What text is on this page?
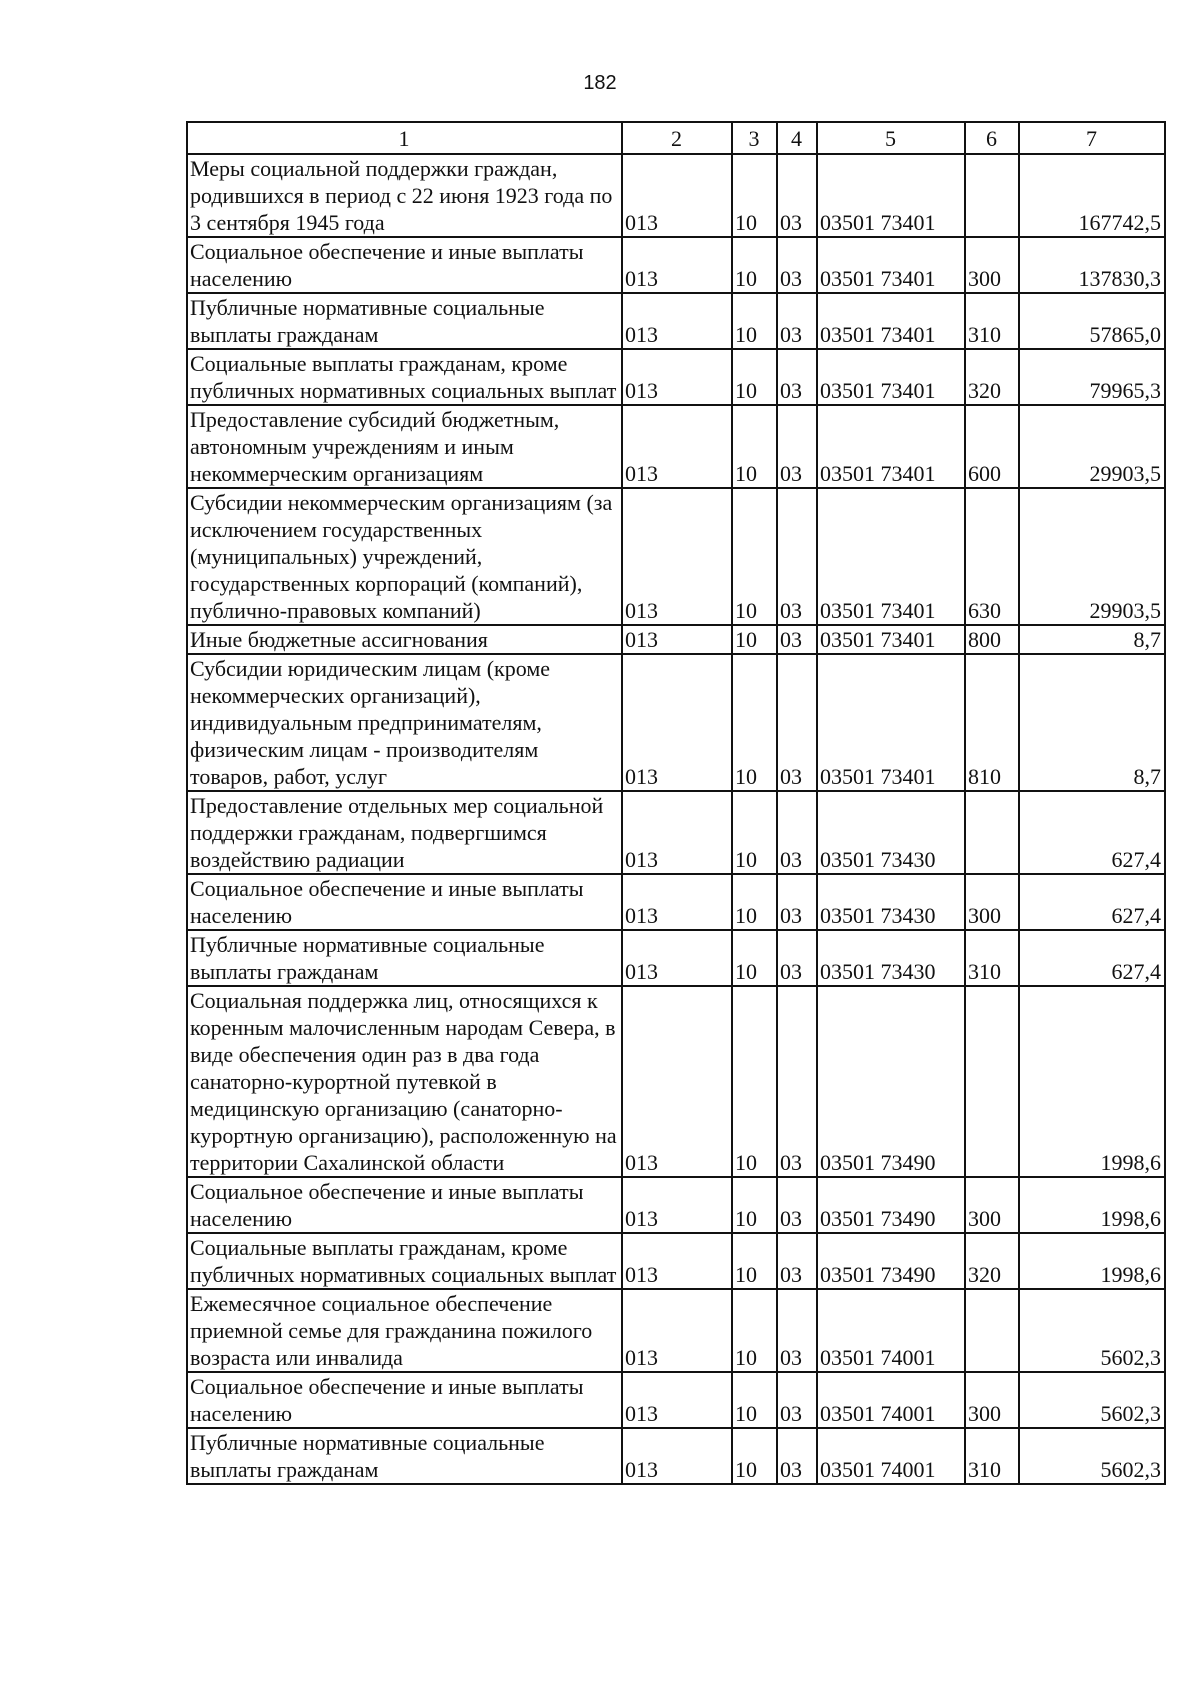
182
1	2	3	4	5	6	7
Меры социальной поддержки граждан, родившихся в период с 22 июня 1923 года по 3 сентября 1945 года	013	10	03	03501 73401		167742,5
Социальное обеспечение и иные выплаты населению	013	10	03	03501 73401	300	137830,3
Публичные нормативные социальные выплаты гражданам	013	10	03	03501 73401	310	57865,0
Социальные выплаты гражданам, кроме публичных нормативных социальных выплат	013	10	03	03501 73401	320	79965,3
Предоставление субсидий бюджетным, автономным учреждениям и иным некоммерческим организациям	013	10	03	03501 73401	600	29903,5
Субсидии некоммерческим организациям (за исключением государственных (муниципальных) учреждений, государственных корпораций (компаний), публично-правовых компаний)	013	10	03	03501 73401	630	29903,5
Иные бюджетные ассигнования	013	10	03	03501 73401	800	8,7
Субсидии юридическим лицам (кроме некоммерческих организаций), индивидуальным предпринимателям, физическим лицам - производителям товаров, работ, услуг	013	10	03	03501 73401	810	8,7
Предоставление отдельных мер социальной поддержки гражданам, подвергшимся воздействию радиации	013	10	03	03501 73430		627,4
Социальное обеспечение и иные выплаты населению	013	10	03	03501 73430	300	627,4
Публичные нормативные социальные выплаты гражданам	013	10	03	03501 73430	310	627,4
Социальная поддержка лиц, относящихся к коренным малочисленным народам Севера, в виде обеспечения один раз в два года санаторно-курортной путевкой в медицинскую организацию (санаторно-курортную организацию), расположенную на территории Сахалинской области	013	10	03	03501 73490		1998,6
Социальное обеспечение и иные выплаты населению	013	10	03	03501 73490	300	1998,6
Социальные выплаты гражданам, кроме публичных нормативных социальных выплат	013	10	03	03501 73490	320	1998,6
Ежемесячное социальное обеспечение приемной семье для гражданина пожилого возраста или инвалида	013	10	03	03501 74001		5602,3
Социальное обеспечение и иные выплаты населению	013	10	03	03501 74001	300	5602,3
Публичные нормативные социальные выплаты гражданам	013	10	03	03501 74001	310	5602,3
